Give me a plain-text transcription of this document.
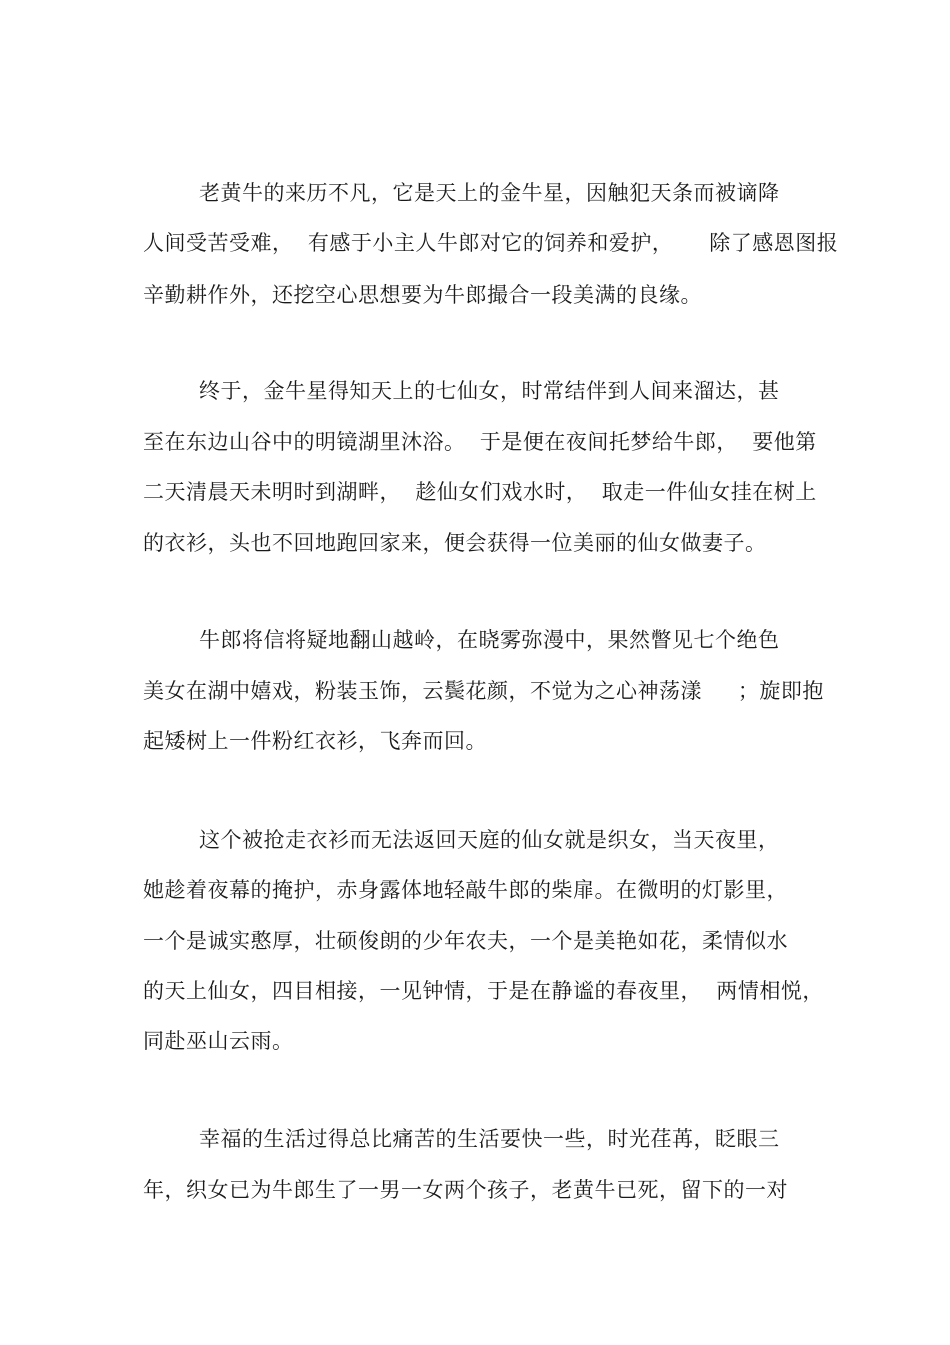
老黄牛的来历不凡，它是天上的金牛星，因触犯天条而被谪降
人间受苦受难，  有感于小主人牛郎对它的饲养和爱护，     除了感恩图报
辛勤耕作外，还挖空心思想要为牛郎撮合一段美满的良缘。
终于，金牛星得知天上的七仙女，时常结伴到人间来溜达，甚
至在东边山谷中的明镜湖里沐浴。  于是便在夜间托梦给牛郎，  要他第
二天清晨天未明时到湖畔，  趁仙女们戏水时，  取走一件仙女挂在树上
的衣衫，头也不回地跑回家来，便会获得一位美丽的仙女做妻子。
牛郎将信将疑地翻山越岭，在晓雾弥漫中，果然瞥见七个绝色
美女在湖中嬉戏，粉装玉饰，云鬓花颜，不觉为之心神荡漾     ；旋即抱
起矮树上一件粉红衣衫，飞奔而回。
这个被抢走衣衫而无法返回天庭的仙女就是织女，当天夜里，
她趁着夜幕的掩护，赤身露体地轻敲牛郎的柴扉。在微明的灯影里，
一个是诚实憨厚，壮硕俊朗的少年农夫，一个是美艳如花，柔情似水
的天上仙女，四目相接，一见钟情，于是在静谧的春夜里，  两情相悦，
同赴巫山云雨。
幸福的生活过得总比痛苦的生活要快一些，时光荏苒，眨眼三
年，织女已为牛郎生了一男一女两个孩子，老黄牛已死，留下的一对
